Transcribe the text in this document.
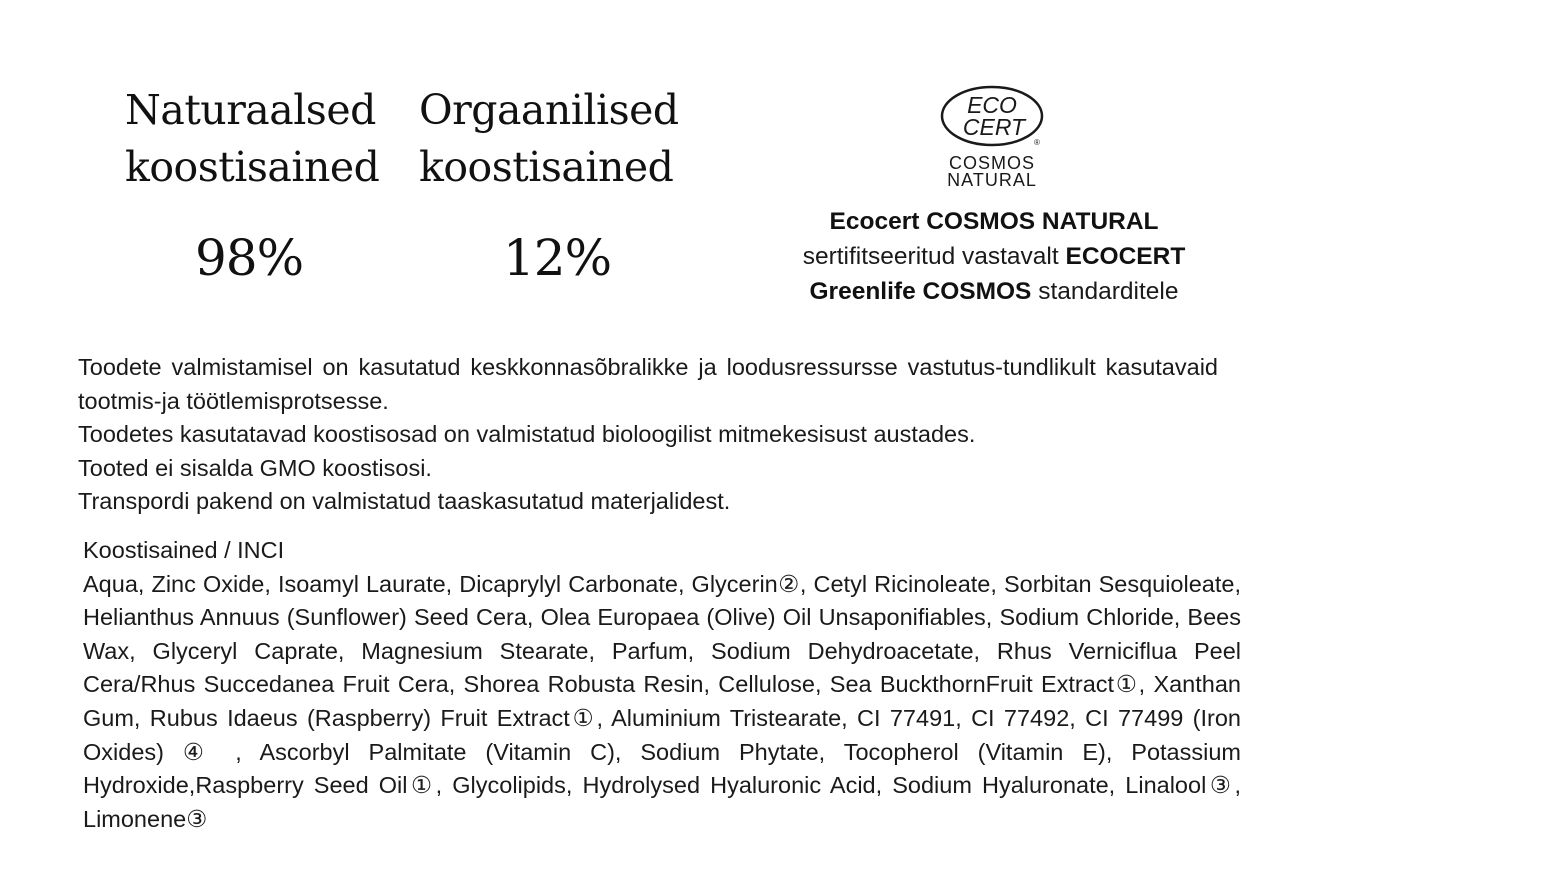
Naturaalsed
koostisained
98%
Orgaanilised
koostisained
12%
ECO
CERT
®
COSMOS
NATURAL
Ecocert COSMOS NATURAL
sertifitseeritud vastavalt ECOCERT
Greenlife COSMOS standarditele

Toodete valmistamisel on kasutatud keskkonnasõbralikke ja loodusressursse vastutus-tundlikult kasutavaid tootmis-ja töötlemisprotsesse.

Toodetes kasutatavad koostisosad on valmistatud bioloogilist mitmekesisust austades.

Tooted ei sisalda GMO koostisosi.

Transpordi pakend on valmistatud taaskasutatud materjalidest.

Koostisained / INCI
Aqua, Zinc Oxide, Isoamyl Laurate, Dicaprylyl Carbonate, Glycerin②, Cetyl Ricinoleate, Sorbitan Sesquioleate, Helianthus Annuus (Sunflower) Seed Cera, Olea Europaea (Olive) Oil Unsaponifiables, Sodium Chloride, Bees Wax, Glyceryl Caprate, Magnesium Stearate, Parfum, Sodium Dehydroacetate, Rhus Verniciflua Peel Cera/Rhus Succedanea Fruit Cera, Shorea Robusta Resin, Cellulose, Sea BuckthornFruit Extract①, Xanthan Gum, Rubus Idaeus (Raspberry) Fruit Extract①, Aluminium Tristearate, CI 77491, CI 77492, CI 77499 (Iron Oxides) ④ , Ascorbyl Palmitate (Vitamin C), Sodium Phytate, Tocopherol (Vitamin E), Potassium Hydroxide,Raspberry Seed Oil①, Glycolipids, Hydrolysed Hyaluronic Acid, Sodium Hyaluronate, Linalool③, Limonene③
